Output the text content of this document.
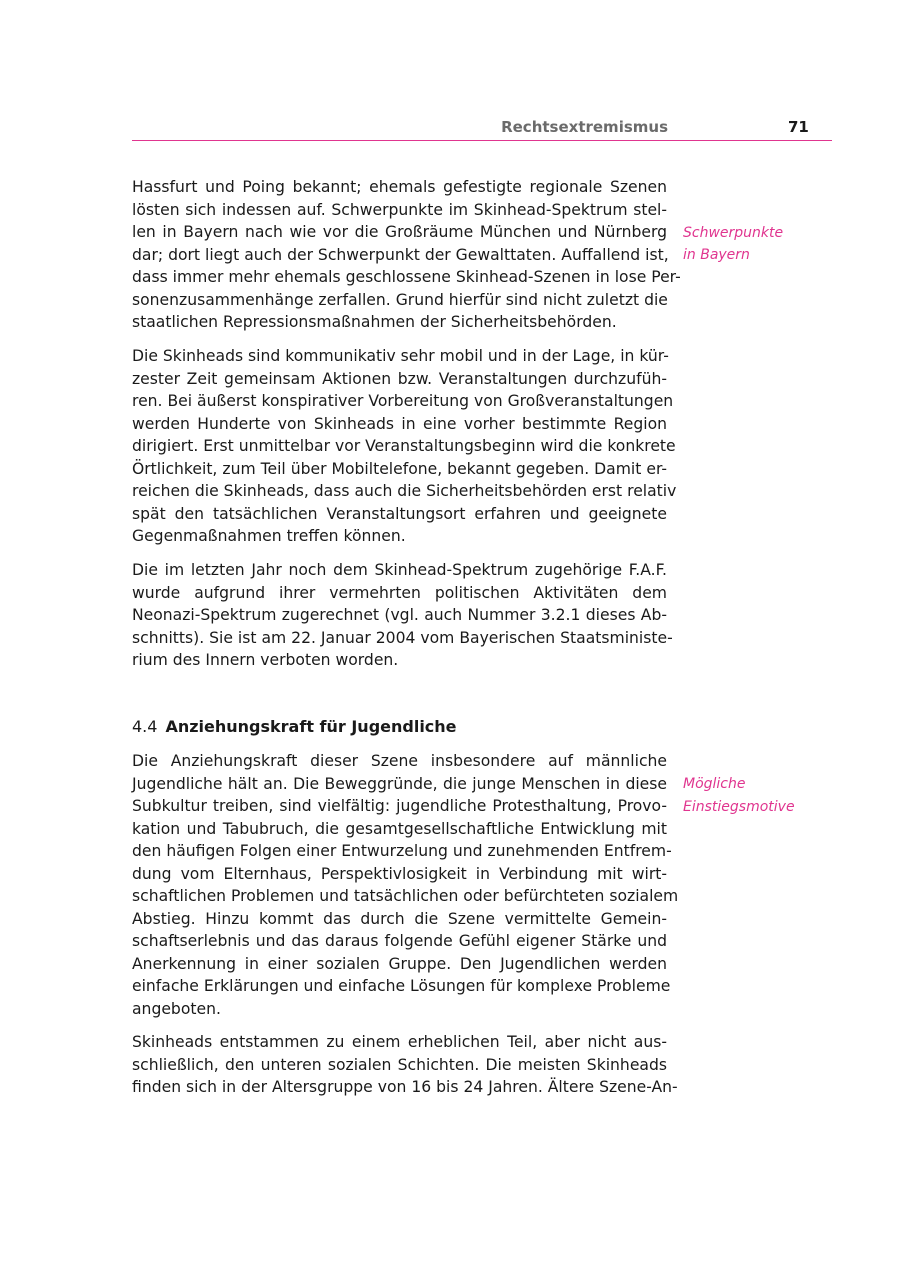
Rechtsextremismus	71
Hassfurt und Poing bekannt; ehemals gefestigte regionale Szenen
lösten sich indessen auf. Schwerpunkte im Skinhead-Spektrum stel-
len in Bayern nach wie vor die Großräume München und Nürnberg
dar; dort liegt auch der Schwerpunkt der Gewalttaten. Auffallend ist,
dass immer mehr ehemals geschlossene Skinhead-Szenen in lose Per-
sonenzusammenhänge zerfallen. Grund hierfür sind nicht zuletzt die
staatlichen Repressionsmaßnahmen der Sicherheitsbehörden.
Schwerpunkte
in Bayern
Die Skinheads sind kommunikativ sehr mobil und in der Lage, in kür-
zester Zeit gemeinsam Aktionen bzw. Veranstaltungen durchzufüh-
ren. Bei äußerst konspirativer Vorbereitung von Großveranstaltungen
werden Hunderte von Skinheads in eine vorher bestimmte Region
dirigiert. Erst unmittelbar vor Veranstaltungsbeginn wird die konkrete
Örtlichkeit, zum Teil über Mobiltelefone, bekannt gegeben. Damit er-
reichen die Skinheads, dass auch die Sicherheitsbehörden erst relativ
spät den tatsächlichen Veranstaltungsort erfahren und geeignete
Gegenmaßnahmen treffen können.
Die im letzten Jahr noch dem Skinhead-Spektrum zugehörige F.A.F.
wurde aufgrund ihrer vermehrten politischen Aktivitäten dem
Neonazi-Spektrum zugerechnet (vgl. auch Nummer 3.2.1 dieses Ab-
schnitts). Sie ist am 22. Januar 2004 vom Bayerischen Staatsministe-
rium des Innern verboten worden.
4.4 Anziehungskraft für Jugendliche
Die Anziehungskraft dieser Szene insbesondere auf männliche
Jugendliche hält an. Die Beweggründe, die junge Menschen in diese
Subkultur treiben, sind vielfältig: jugendliche Protesthaltung, Provo-
kation und Tabubruch, die gesamtgesellschaftliche Entwicklung mit
den häufigen Folgen einer Entwurzelung und zunehmenden Entfrem-
dung vom Elternhaus, Perspektivlosigkeit in Verbindung mit wirt-
schaftlichen Problemen und tatsächlichen oder befürchteten sozialem
Abstieg. Hinzu kommt das durch die Szene vermittelte Gemein-
schaftserlebnis und das daraus folgende Gefühl eigener Stärke und
Anerkennung in einer sozialen Gruppe. Den Jugendlichen werden
einfache Erklärungen und einfache Lösungen für komplexe Probleme
angeboten.
Mögliche
Einstiegsmotive
Skinheads entstammen zu einem erheblichen Teil, aber nicht aus-
schließlich, den unteren sozialen Schichten. Die meisten Skinheads
finden sich in der Altersgruppe von 16 bis 24 Jahren. Ältere Szene-An-
